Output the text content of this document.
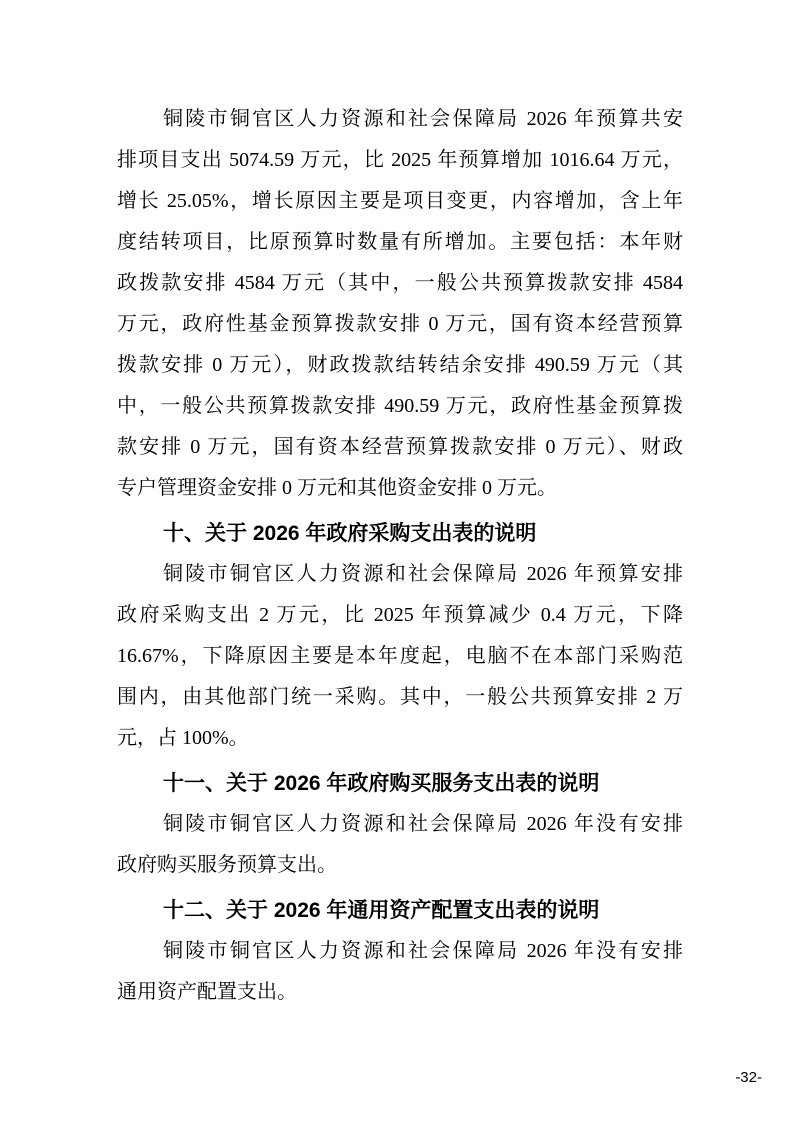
铜陵市铜官区人力资源和社会保障局 2026 年预算共安
排项目支出 5074.59 万元，比 2025 年预算增加 1016.64 万元，
增长 25.05%，增长原因主要是项目变更，内容增加，含上年
度结转项目，比原预算时数量有所增加。主要包括：本年财
政拨款安排 4584 万元（其中，一般公共预算拨款安排 4584
万元，政府性基金预算拨款安排 0 万元，国有资本经营预算
拨款安排 0 万元），财政拨款结转结余安排 490.59 万元（其
中，一般公共预算拨款安排 490.59 万元，政府性基金预算拨
款安排 0 万元，国有资本经营预算拨款安排 0 万元）、财政
专户管理资金安排 0 万元和其他资金安排 0 万元。
十、关于 2026 年政府采购支出表的说明
铜陵市铜官区人力资源和社会保障局 2026 年预算安排
政府采购支出 2 万元，比 2025 年预算减少 0.4 万元，下降
16.67%，下降原因主要是本年度起，电脑不在本部门采购范
围内，由其他部门统一采购。其中，一般公共预算安排 2 万
元，占 100%。
十一、关于 2026 年政府购买服务支出表的说明
铜陵市铜官区人力资源和社会保障局 2026 年没有安排
政府购买服务预算支出。
十二、关于 2026 年通用资产配置支出表的说明
铜陵市铜官区人力资源和社会保障局 2026 年没有安排
通用资产配置支出。
-32-
